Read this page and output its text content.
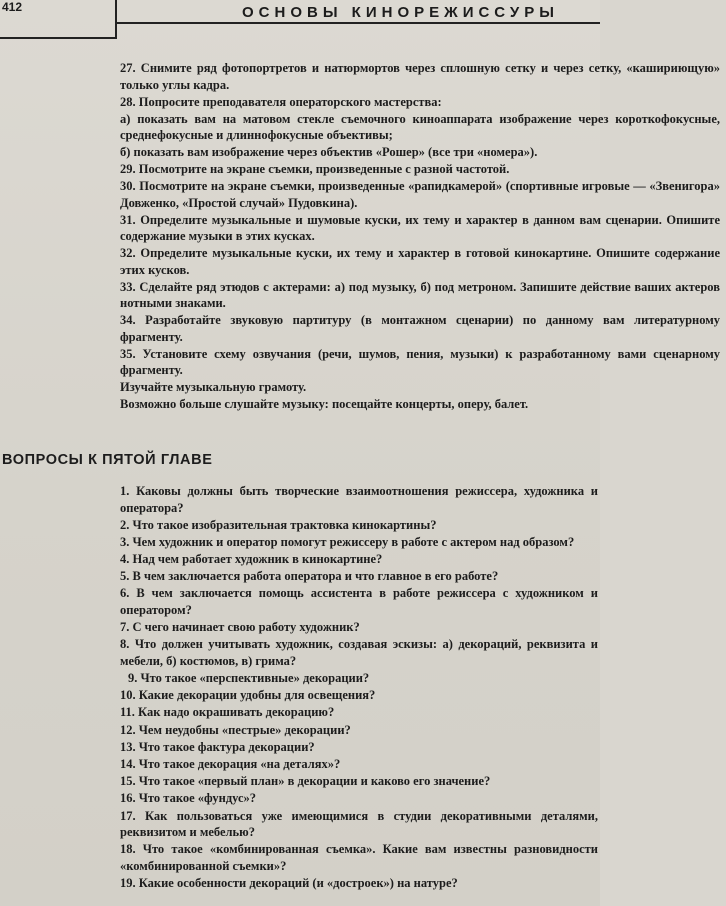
412	ОСНОВЫ КИНОРЕЖИССУРЫ

27. Снимите ряд фотопортретов и натюрмортов через сплошную сетку и через сетку, «кашириющую» только углы кадра.

28. Попросите преподавателя операторского мастерства:

а) показать вам на матовом стекле съемочного киноаппарата изображение через короткофокусные, среднефокусные и длиннофокусные объективы;

б) показать вам изображение через объектив «Рошер» (все три «номера»).

29. Посмотрите на экране съемки, произведенные с разной частотой.

30. Посмотрите на экране съемки, произведенные «рапидкамерой» (спортивные игровые — «Звенигора» Довженко, «Простой случай» Пудовкина).

31. Определите музыкальные и шумовые куски, их тему и характер в данном вам сценарии. Опишите содержание музыки в этих кусках.

32. Определите музыкальные куски, их тему и характер в готовой кинокартине. Опишите содержание этих кусков.

33. Сделайте ряд этюдов с актерами: а) под музыку, б) под метроном. Запишите действие ваших актеров нотными знаками.

34. Разработайте звуковую партитуру (в монтажном сценарии) по данному вам литературному фрагменту.

35. Установите схему озвучания (речи, шумов, пения, музыки) к разработанному вами сценарному фрагменту.

Изучайте музыкальную грамоту.

Возможно больше слушайте музыку: посещайте концерты, оперу, балет.

ВОПРОСЫ К ПЯТОЙ ГЛАВЕ

1. Каковы должны быть творческие взаимоотношения режиссера, художника и оператора?

2. Что такое изобразительная трактовка кинокартины?

3. Чем художник и оператор помогут режиссеру в работе с актером над образом?

4. Над чем работает художник в кинокартине?

5. В чем заключается работа оператора и что главное в его работе?

6. В чем заключается помощь ассистента в работе режиссера с художником и оператором?

7. С чего начинает свою работу художник?

8. Что должен учитывать художник, создавая эскизы: а) декораций, реквизита и мебели, б) костюмов, в) грима?

9. Что такое «перспективные» декорации?

10. Какие декорации удобны для освещения?

11. Как надо окрашивать декорацию?

12. Чем неудобны «пестрые» декорации?

13. Что такое фактура декорации?

14. Что такое декорация «на деталях»?

15. Что такое «первый план» в декорации и каково его значение?

16. Что такое «фундус»?

17. Как пользоваться уже имеющимися в студии декоративными деталями, реквизитом и мебелью?

18. Что такое «комбинированная съемка». Какие вам известны разновидности «комбинированной съемки»?

19. Какие особенности декораций (и «достроек») на натуре?
